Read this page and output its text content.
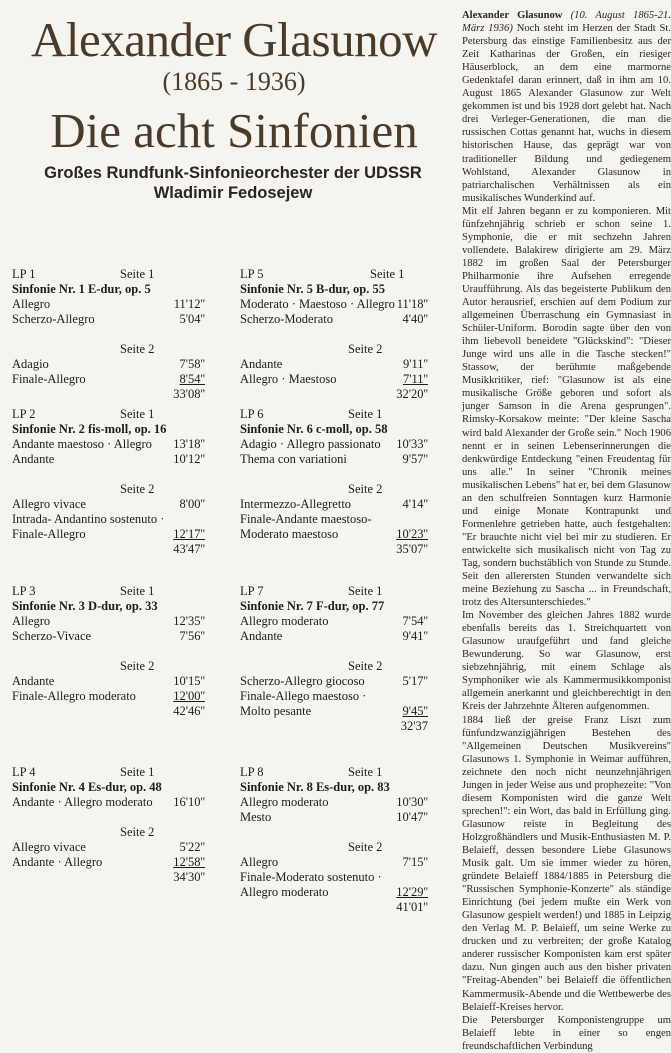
Alexander Glasunow
(1865 - 1936)
Die acht Sinfonien
Großes Rundfunk-Sinfonieorchester der UDSSR
Wladimir Fedosejew
LP 1	Seite 1
Sinfonie Nr. 1 E-dur, op. 5
Allegro	11'12''
Scherzo-Allegro	5'04''
Seite 2
Adagio	7'58''
Finale-Allegro	8'54''
33'08''
LP 2	Seite 1
Sinfonie Nr. 2 fis-moll, op. 16
Andante maestoso · Allegro 13'18''
Andante	10'12''
Seite 2
Allegro vivace	8'00''
Intrada- Andantino sostenuto ·
Finale-Allegro	12'17''
43'47''
LP 3	Seite 1
Sinfonie Nr. 3 D-dur, op. 33
Allegro	12'35''
Scherzo-Vivace	7'56''
Seite 2
Andante	10'15''
Finale-Allegro moderato	12'00''
42'46''
LP 4	Seite 1
Sinfonie Nr. 4 Es-dur, op. 48
Andante · Allegro moderato 16'10''
Seite 2
Allegro vivace	5'22''
Andante · Allegro	12'58''
34'30''
LP 5	Seite 1
Sinfonie Nr. 5 B-dur, op. 55
Moderato · Maestoso · Allegro 11'18''
Scherzo-Moderato	4'40''
Seite 2
Andante	9'11''
Allegro · Maestoso	7'11''
32'20''
LP 6	Seite 1
Sinfonie Nr. 6 c-moll, op. 58
Adagio · Allegro passionato 10'33''
Thema con variationi	9'57''
Seite 2
Intermezzo-Allegretto	4'14''
Finale-Andante maestoso-
Moderato maestoso	10'23''
35'07''
LP 7	Seite 1
Sinfonie Nr. 7 F-dur, op. 77
Allegro moderato	7'54''
Andante	9'41''
Seite 2
Scherzo-Allegro giocoso	5'17''
Finale-Allego maestoso ·
Molto pesante	9'45''
32'37
LP 8	Seite 1
Sinfonie Nr. 8 Es-dur, op. 83
Allegro moderato	10'30''
Mesto	10'47''
Seite 2
Allegro	7'15''
Finale-Moderato sostenuto ·
Allegro moderato	12'29''
41'01''

Alexander Glasunow (10. August 1865-21. März 1936) Noch steht im Herzen der Stadt St. Petersburg das einstige Familienbesitz aus der Zeit Katharinas der Großen, ein riesiger Häuserblock, an dem eine marmorne Gedenktafel daran erinnert, daß in ihm am 10. August 1865 Alexander Glasunow zur Welt gekommen ist und bis 1928 dort gelebt hat. Nach drei Verleger-Generationen, die man die russischen Cottas genannt hat, wuchs in diesem historischen Hause, das geprägt war von traditioneller Bildung und gediegenem Wohlstand, Alexander Glasunow in patriarchalischen Verhältnissen als ein musikalisches Wunderkind auf.

Mit elf Jahren begann er zu komponieren. Mit fünfzehnjährig schrieb er schon seine 1. Symphonie, die er mit sechzehn Jahren vollendete. Balakirew dirigierte am 29. März 1882 im großen Saal der Petersburger Philharmonie ihre Aufsehen erregende Uraufführung. Als das begeisterte Publikum den Autor herausrief, erschien auf dem Podium zur allgemeinen Überraschung ein Gymnasiast in Schüler-Uniform. Borodin sagte über den von ihm liebevoll beneidete "Glückskind": "Dieser Junge wird uns alle in die Tasche stecken!" Stassow, der berühmte maßgebende Musikkritiker, rief: "Glasunow ist als eine musikalische Größe geboren und sofort als junger Samson in die Arena gesprungen". Rimsky-Korsakow meinte: "Der kleine Sascha wird bald Alexander der Große sein." Noch 1906 nennt er in seinen Lebenserinnerungen die denkwürdige Entdeckung "einen Freudentag für uns alle." In seiner "Chronik meines musikalischen Lebens" hat er, bei dem Glasunow an den schulfreien Sonntagen kurz Harmonie und einige Monate Kontrapunkt und Formenlehre getrieben hatte, auch festgehalten: "Er brauchte nicht viel bei mir zu studieren. Er entwickelte sich musikalisch nicht von Tag zu Tag, sondern buchstäblich von Stunde zu Stunde. Seit den allerersten Stunden verwandelte sich meine Beziehung zu Sascha ... in Freundschaft, trotz des Altersunterschiedes."

Im November des gleichen Jahres 1882 wurde ebenfalls bereits das 1. Streichquartett von Glasunow uraufgeführt und fand gleiche Bewunderung. So war Glasunow, erst siebzehnjährig, mit einem Schlage als Symphoniker wie als Kammermusikkomponist allgemein anerkannt und gleichberechtigt in den Kreis der Jahrzehnte Älteren aufgenommen.

1884 ließ der greise Franz Liszt zum fünfundzwanzigjährigen Bestehen des "Allgemeinen Deutschen Musikvereins" Glasunows 1. Symphonie in Weimar aufführen, zeichnete den noch nicht neunzehnjährigen Jungen in jeder Weise aus und prophezeite: "Von diesem Komponisten wird die ganze Welt sprechen!": ein Wort, das bald in Erfüllung ging. Glasunow reiste in Begleitung des Holzgroßhändlers und Musik-Enthusiasten M. P. Belaieff, dessen besondere Liebe Glasunows Musik galt. Um sie immer wieder zu hören, gründete Belaieff 1884/1885 in Petersburg die "Russischen Symphonie-Konzerte" als ständige Einrichtung (bei jedem mußte ein Werk von Glasunow gespielt werden!) und 1885 in Leipzig den Verlag M. P. Belaieff, um seine Werke zu drucken und zu verbreiten; der große Katalog anderer russischer Komponisten kam erst später dazu. Nun gingen auch aus den bisher privaten "Freitag-Abenden" bei Belaieff die öffentlichen Kammermusik-Abende und die Wettbewerbe des Belaieff-Kreises hervor.

Die Petersburger Komponistengruppe um Belaieff lebte in einer so engen freundschaftlichen Verbindung
